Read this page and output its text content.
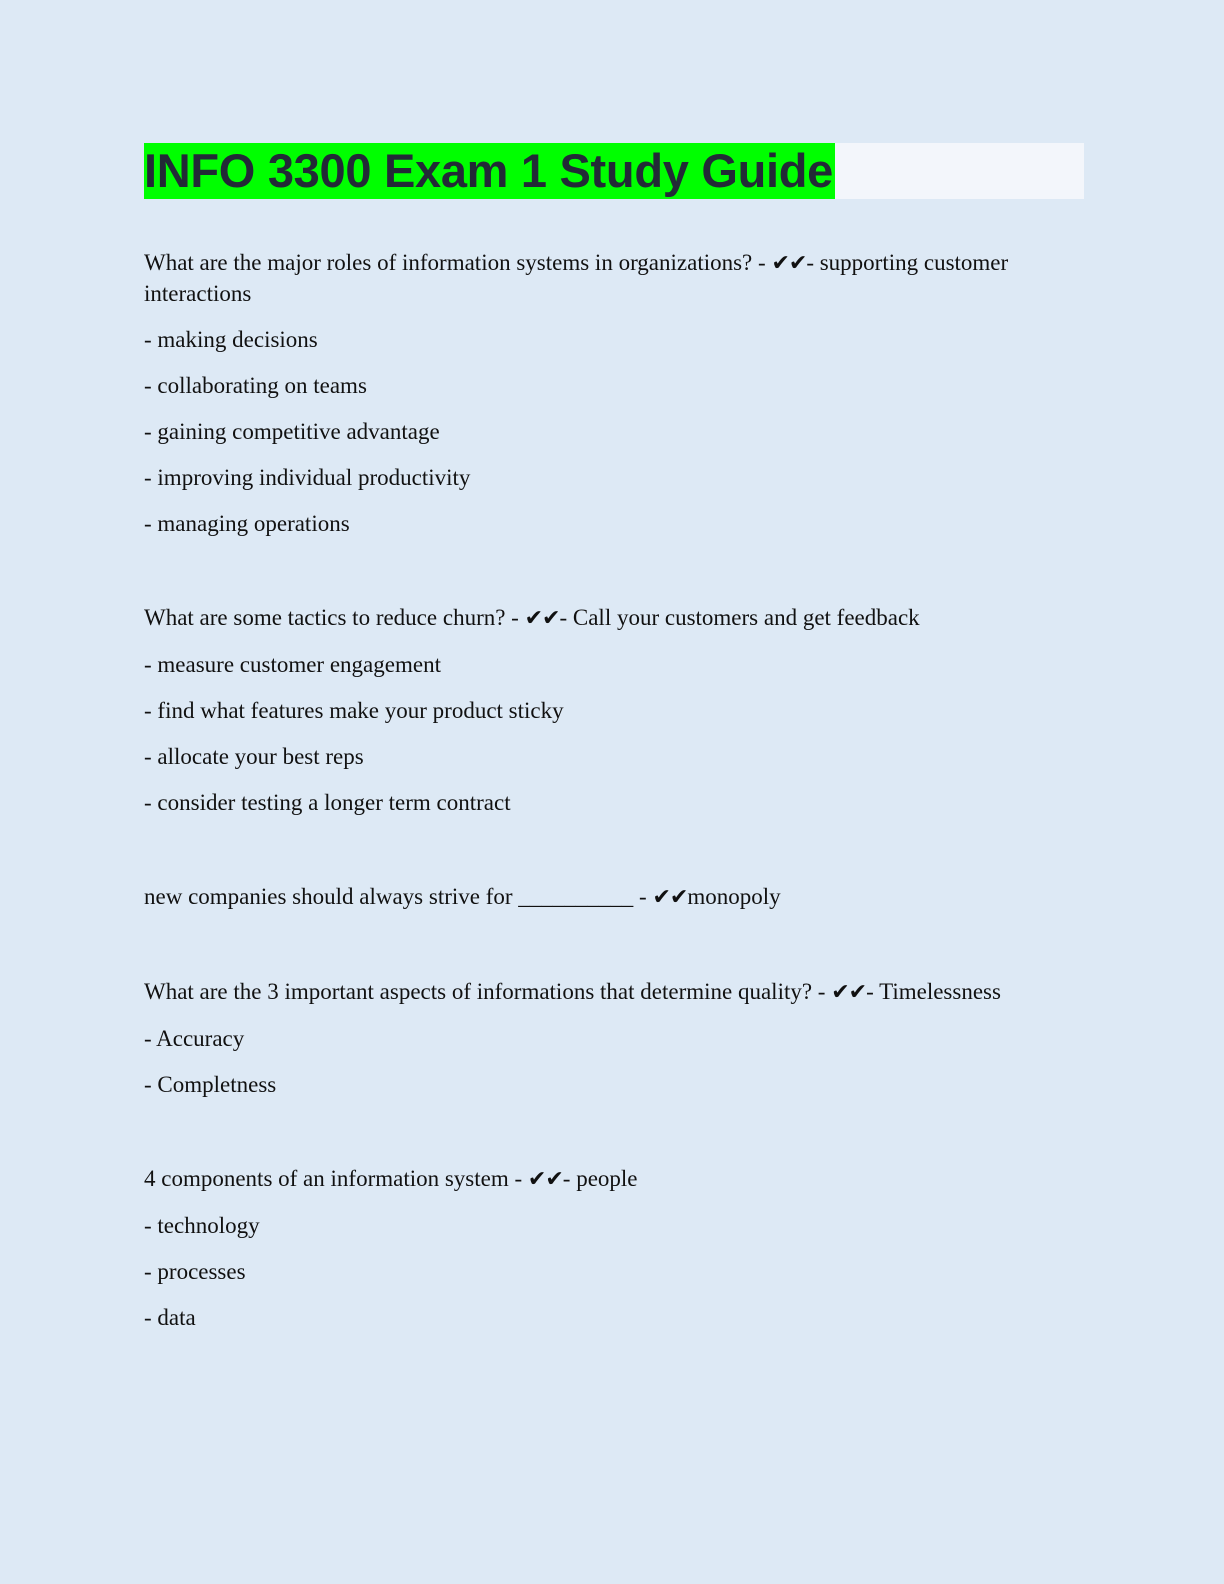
INFO 3300 Exam 1 Study Guide

What are the major roles of information systems in organizations? - ✔✔- supporting customer interactions

- making decisions

- collaborating on teams

- gaining competitive advantage

- improving individual productivity

- managing operations

What are some tactics to reduce churn? - ✔✔- Call your customers and get feedback

- measure customer engagement

- find what features make your product sticky

- allocate your best reps

- consider testing a longer term contract

new companies should always strive for __________ - ✔✔monopoly

What are the 3 important aspects of informations that determine quality? - ✔✔- Timelessness

- Accuracy

- Completness

4 components of an information system - ✔✔- people

- technology

- processes

- data
